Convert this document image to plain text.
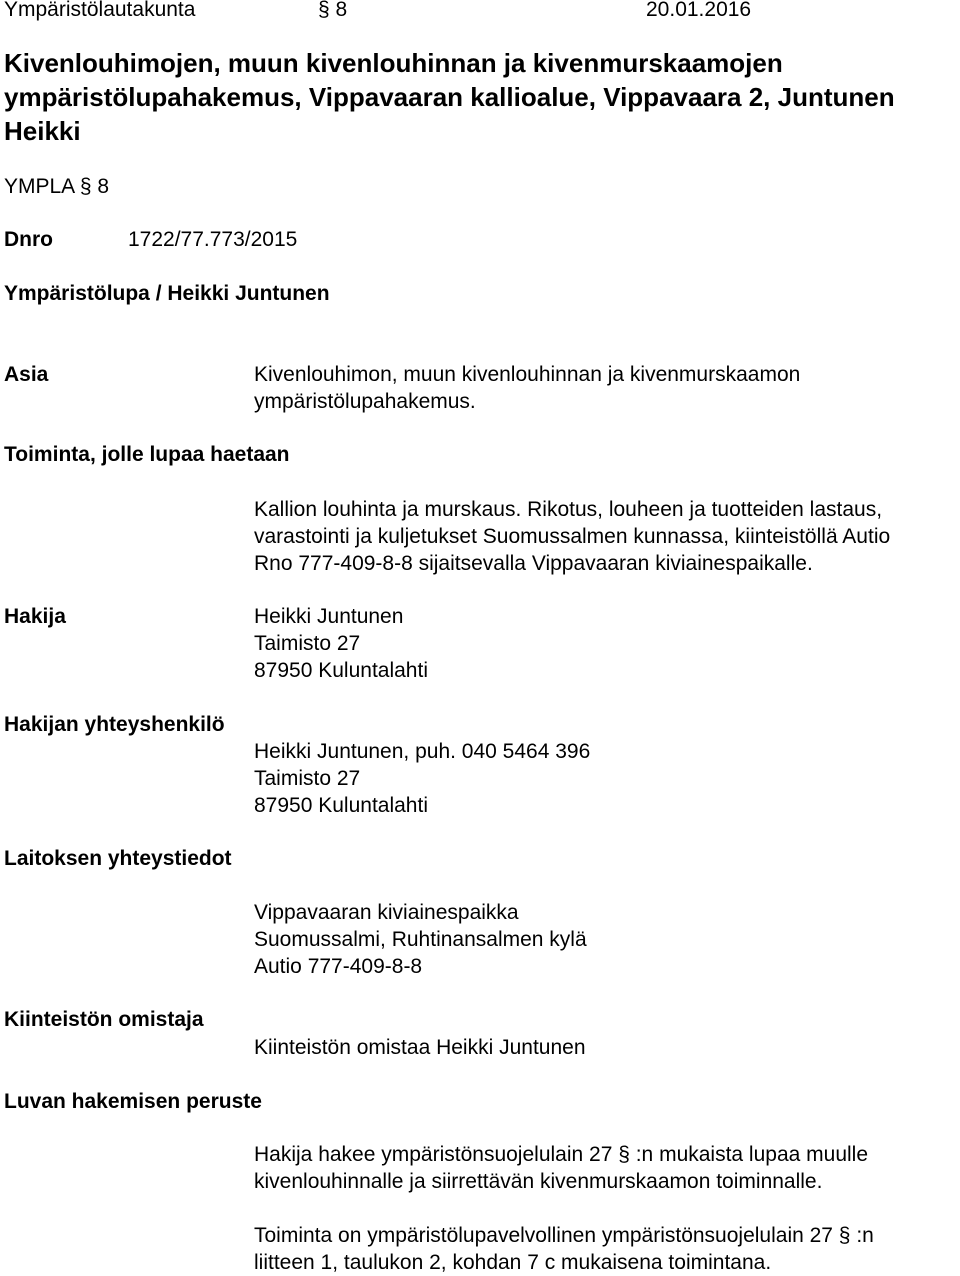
Ympäristölautakunta	§ 8	20.01.2016
Kivenlouhimojen, muun kivenlouhinnan ja kivenmurskaamojen
ympäristölupahakemus, Vippavaaran kallioalue, Vippavaara 2, Juntunen
Heikki
YMPLA § 8
Dnro	1722/77.773/2015
Ympäristölupa / Heikki Juntunen
Asia	Kivenlouhimon, muun kivenlouhinnan ja kivenmurskaamon
ympäristölupahakemus.
Toiminta, jolle lupaa haetaan
Kallion louhinta ja murskaus. Rikotus, louheen ja tuotteiden lastaus,
varastointi ja kuljetukset Suomussalmen kunnassa, kiinteistöllä Autio
Rno 777-409-8-8 sijaitsevalla Vippavaaran kiviainespaikalle.
Hakija	Heikki Juntunen
Taimisto 27
87950 Kuluntalahti
Hakijan yhteyshenkilö
Heikki Juntunen, puh. 040 5464 396
Taimisto 27
87950 Kuluntalahti
Laitoksen yhteystiedot
Vippavaaran kiviainespaikka
Suomussalmi, Ruhtinansalmen kylä
Autio 777-409-8-8
Kiinteistön omistaja
Kiinteistön omistaa Heikki Juntunen
Luvan hakemisen peruste
Hakija hakee ympäristönsuojelulain 27 § :n mukaista lupaa muulle
kivenlouhinnalle ja siirrettävän kivenmurskaamon toiminnalle.
Toiminta on ympäristölupavelvollinen ympäristönsuojelulain 27 § :n
liitteen 1, taulukon 2, kohdan 7 c mukaisena toimintana.
